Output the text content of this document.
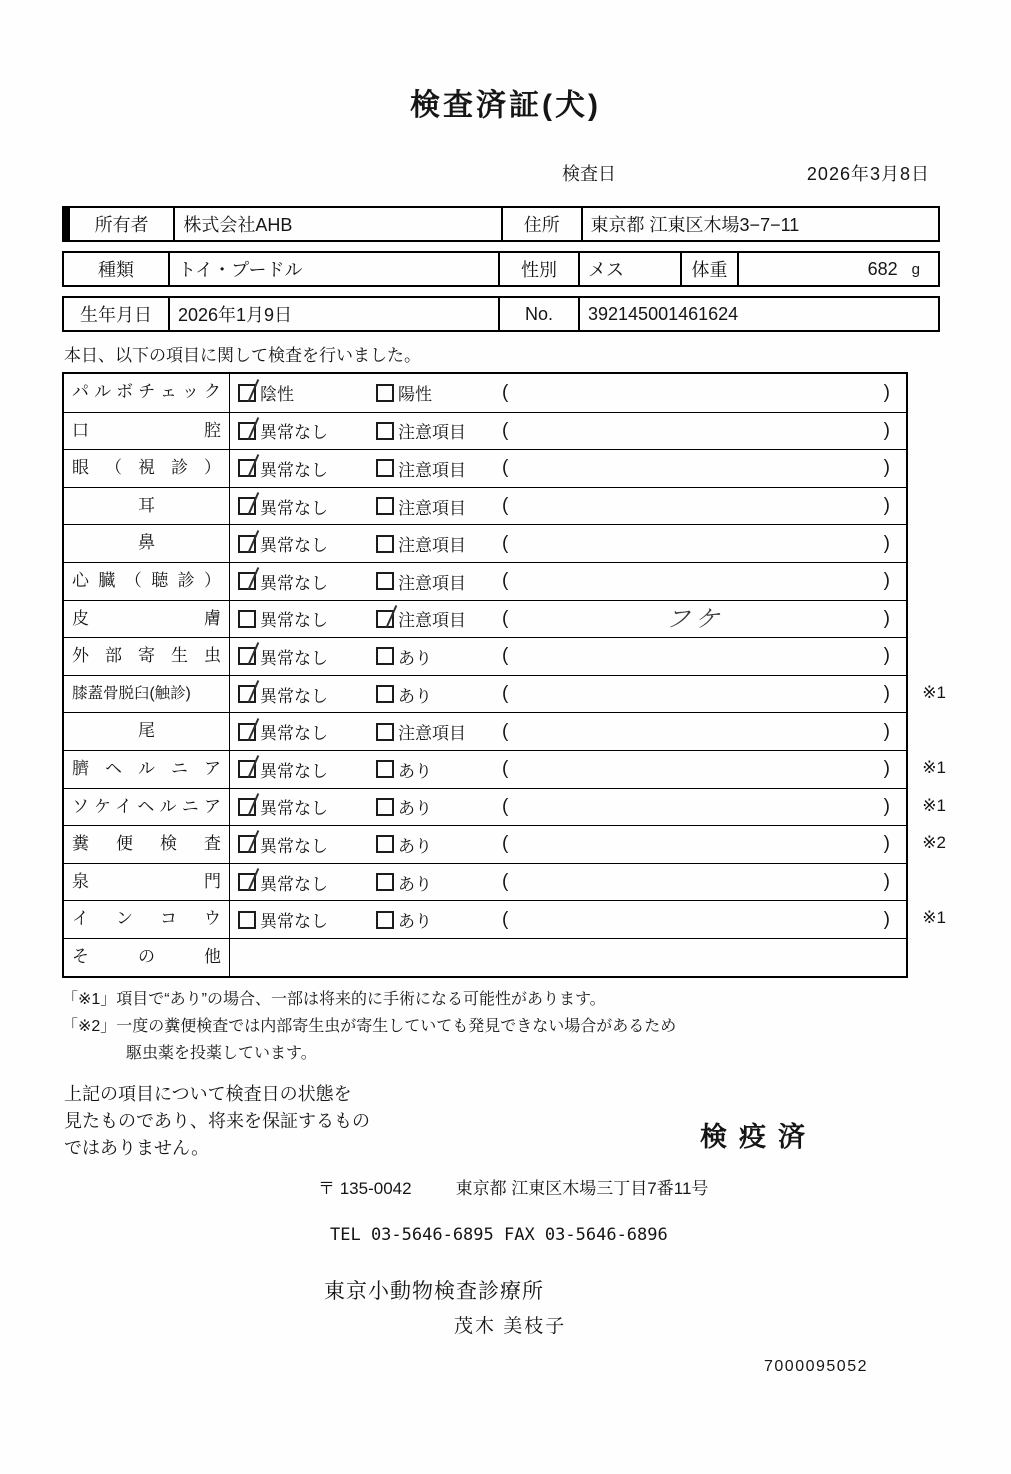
検査済証(犬)
検査日	2026年3月8日
所有者	株式会社AHB	住所	東京都 江東区木場3−7−11
種類	トイ・プードル	性別	メス	体重	682 g
生年月日	2026年1月9日	No.	392145001461624

本日、以下の項目に関して検査を行いました。

パルボチェック	陰性	陽性	(	)
口腔	異常なし	注意項目 (	)
眼（視診）	異常なし	注意項目 (	)
耳	異常なし	注意項目 (	)
鼻	異常なし	注意項目 (	)
心臓（聴診）	異常なし	注意項目 (	)
皮膚	異常なし	注意項目 (	フケ	)
外部寄生虫	異常なし	あり	(	)
膝蓋骨脱臼(触診)	異常なし	あり	(	) ※1
尾	異常なし	注意項目 (	)
臍ヘルニア	異常なし	あり	(	) ※1
ソケイヘルニア	異常なし	あり	(	) ※1
糞便検査	異常なし	あり	(	) ※2
泉門	異常なし	あり	(	)
インコウ	異常なし	あり	(	) ※1
その他
「※1」項目で“あり”の場合、一部は将来的に手術になる可能性があります。
「※2」一度の糞便検査では内部寄生虫が寄生していても発見できない場合があるため
駆虫薬を投薬しています。
上記の項目について検査日の状態を
見たものであり、将来を保証するもの
ではありません。	検疫済
〒 135-0042	東京都 江東区木場三丁目7番11号
TEL 03-5646-6895 FAX 03-5646-6896
東京小動物検査診療所
茂木 美枝子
7000095052
